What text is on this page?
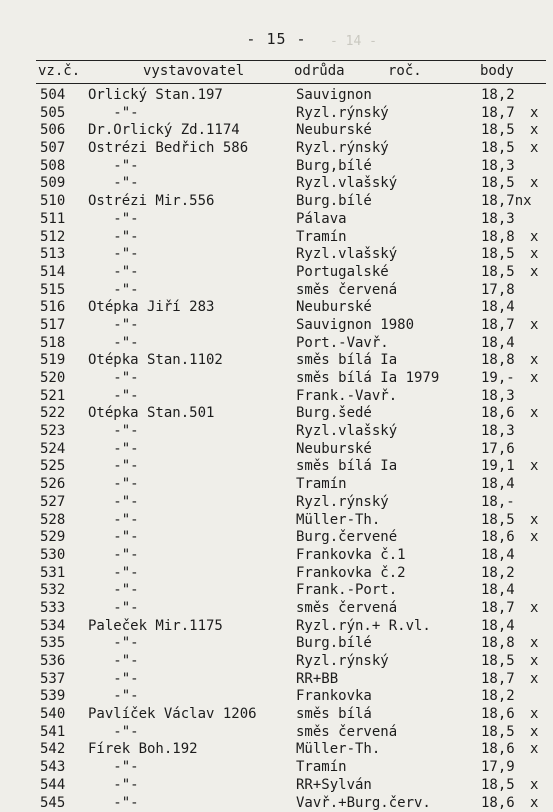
- 14 -
- 15 -
vz.č.	vystavovatel	odrůda	roč.	body
504 Orlický Stan.197	Sauvignon	18,2
505 -"-	Ryzl.rýnský	18,7 x
506 Dr.Orlický Zd.1174	Neuburské	18,5 x
507 Ostrézi Bedřich 586	Ryzl.rýnský	18,5 x
508 -"-	Burg,bílé	18,3
509 -"-	Ryzl.vlašský	18,5 x
510 Ostrézi Mir.556	Burg.bílé	18,7nx
511 -"-	Pálava	18,3
512 -"-	Tramín	18,8 x
513 -"-	Ryzl.vlašský	18,5 x
514 -"-	Portugalské	18,5 x
515 -"-	směs červená	17,8
516 Otépka Jiří 283	Neuburské	18,4
517 -"-	Sauvignon 1980	18,7 x
518 -"-	Port.-Vavř.	18,4
519 Otépka Stan.1102	směs bílá Ia	18,8 x
520 -"-	směs bílá Ia 1979	19,- x
521 -"-	Frank.-Vavř.	18,3
522 Otépka Stan.501	Burg.šedé	18,6 x
523 -"-	Ryzl.vlašský	18,3
524 -"-	Neuburské	17,6
525 -"-	směs bílá Ia	19,1 x
526 -"-	Tramín	18,4
527 -"-	Ryzl.rýnský	18,-
528 -"-	Müller-Th.	18,5 x
529 -"-	Burg.červené	18,6 x
530 -"-	Frankovka č.1	18,4
531 -"-	Frankovka č.2	18,2
532 -"-	Frank.-Port.	18,4
533 -"-	směs červená	18,7 x
534 Paleček Mir.1175	Ryzl.rýn.+ R.vl.	18,4
535 -"-	Burg.bílé	18,8 x
536 -"-	Ryzl.rýnský	18,5 x
537 -"-	RR+BB	18,7 x
539 -"-	Frankovka	18,2
540 Pavlíček Václav 1206	směs bílá	18,6 x
541 -"-	směs červená	18,5 x
542 Fírek Boh.192	Müller-Th.	18,6 x
543 -"-	Tramín	17,9
544 -"-	RR+Sylván	18,5 x
545 -"-	Vavř.+Burg.červ.	18,6 x
